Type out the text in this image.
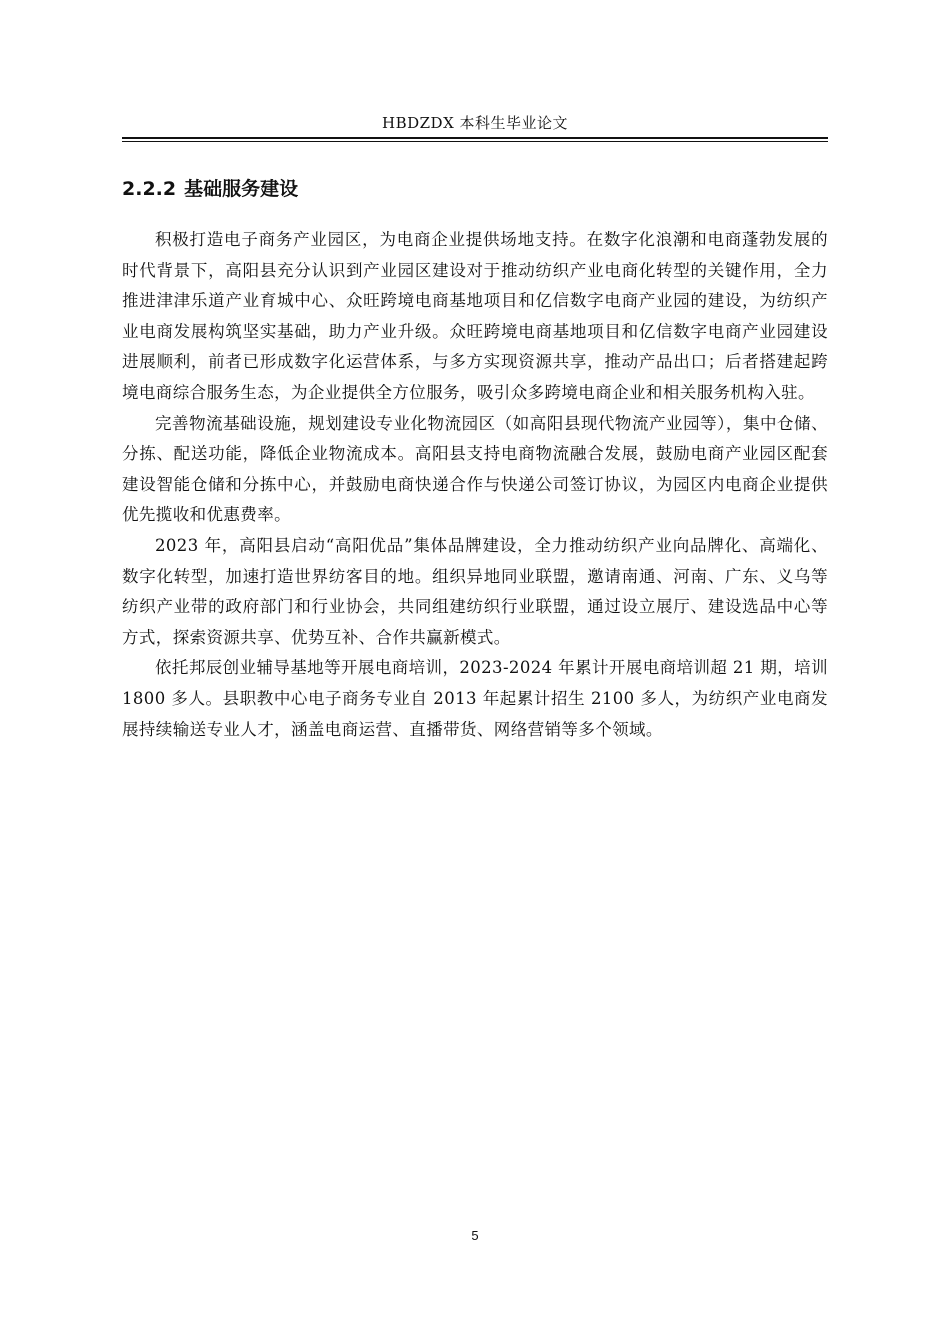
HBDZDX 本科生毕业论文
2.2.2 基础服务建设

积极打造电子商务产业园区，为电商企业提供场地支持。在数字化浪潮和电商蓬勃发展的时代背景下，高阳县充分认识到产业园区建设对于推动纺织产业电商化转型的关键作用，全力推进津津乐道产业育城中心、众旺跨境电商基地项目和亿信数字电商产业园的建设，为纺织产业电商发展构筑坚实基础，助力产业升级。众旺跨境电商基地项目和亿信数字电商产业园建设进展顺利，前者已形成数字化运营体系，与多方实现资源共享，推动产品出口；后者搭建起跨境电商综合服务生态，为企业提供全方位服务，吸引众多跨境电商企业和相关服务机构入驻。

完善物流基础设施，规划建设专业化物流园区（如高阳县现代物流产业园等），集中仓储、分拣、配送功能，降低企业物流成本。高阳县支持电商物流融合发展，鼓励电商产业园区配套建设智能仓储和分拣中心，并鼓励电商快递合作与快递公司签订协议，为园区内电商企业提供优先揽收和优惠费率。

2023 年，高阳县启动“高阳优品”集体品牌建设，全力推动纺织产业向品牌化、高端化、数字化转型，加速打造世界纺客目的地。组织异地同业联盟，邀请南通、河南、广东、义乌等纺织产业带的政府部门和行业协会，共同组建纺织行业联盟，通过设立展厅、建设选品中心等方式，探索资源共享、优势互补、合作共赢新模式。

依托邦辰创业辅导基地等开展电商培训，2023-2024 年累计开展电商培训超 21 期，培训 1800 多人。县职教中心电子商务专业自 2013 年起累计招生 2100 多人，为纺织产业电商发展持续输送专业人才，涵盖电商运营、直播带货、网络营销等多个领域。

5
